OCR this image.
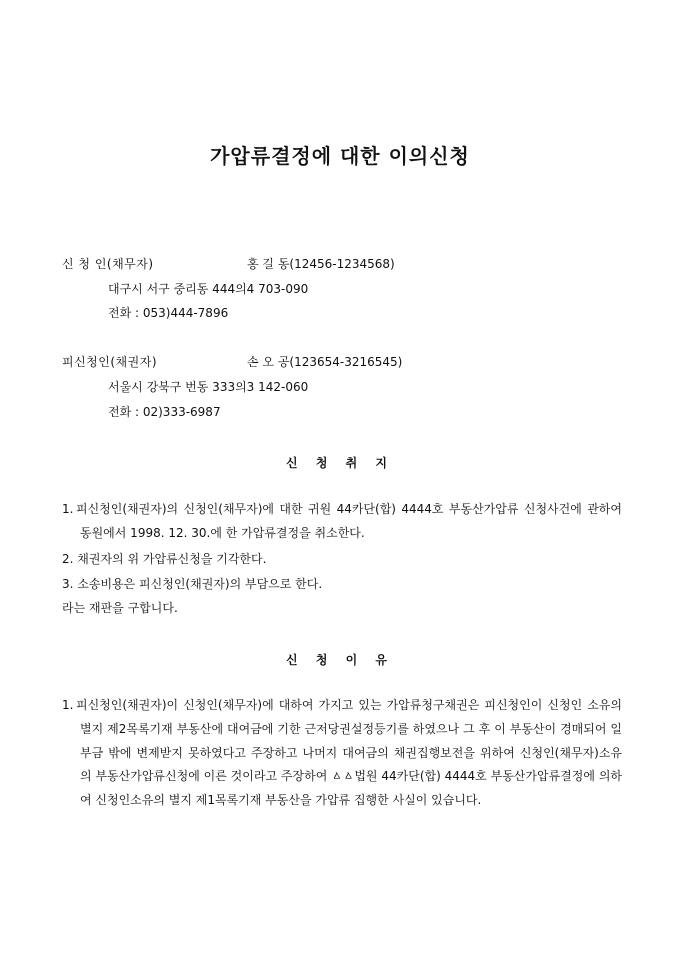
가압류결정에 대한 이의신청
신 청 인(채무자)	홍 길 동(12456-1234568)
대구시 서구 중리동 444의4 703-090
전화 : 053)444-7896
피신청인(채권자)	손 오 공(123654-3216545)
서울시 강북구 번동 333의3 142-060
전화 : 02)333-6987
신 청 취 지
1. 피신청인(채권자)의 신청인(채무자)에 대한 귀원 44카단(합) 4444호 부동산가압류 신청사건에 관하여 동원에서 1998. 12. 30.에 한 가압류결정을 취소한다.
2. 채권자의 위 가압류신청을 기각한다.
3. 소송비용은 피신청인(채권자)의 부담으로 한다.
라는 재판을 구합니다.
신 청 이 유
1. 피신청인(채권자)이 신청인(채무자)에 대하여 가지고 있는 가압류청구채권은 피신청인이 신청인 소유의 별지 제2목록기재 부동산에 대여금에 기한 근저당권설정등기를 하였으나 그 후 이 부동산이 경매되어 일부금 밖에 변제받지 못하였다고 주장하고 나머지 대여금의 채권집행보전을 위하여 신청인(채무자)소유의 부동산가압류신청에 이른 것이라고 주장하여 ㅿㅿ법원 44카단(합) 4444호 부동산가압류결정에 의하여 신청인소유의 별지 제1목록기재 부동산을 가압류 집행한 사실이 있습니다.
